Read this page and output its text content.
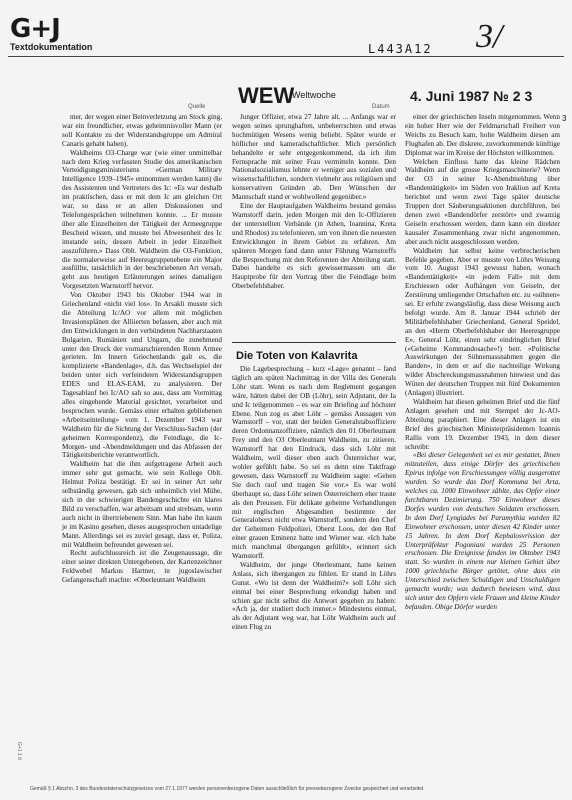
G+J
Textdokumentation	L443A12 3/
WEW
Weltwoche	4. Juni 1987 № 2 3
Quelle	Datum
3

mer, der wegen einer Beinverletzung am Stock ging, war ein freundlicher, etwas geheimnisvoller Mann (er soll Kontakte zu der Widerstandsgruppe um Admiral Canaris gehabt haben).

Waldheims O3-Charge war (wie einer unmittelbar nach dem Krieg verfassten Studie des amerikanischen Verteidigungsministeriums «German Military Intelligence 1939–1945» entnommen werden kann) die des Assistenten und Vertreters des Ic: «Es war deshalb im praktischen, dass er mit dem Ic am gleichen Ort war, so dass er an allen Diskussionen und Telefongesprächen teilnehmen konnte. ... Er musste über alle Einzelheiten der Tätigkeit der Armeegruppe Bescheid wissen, und musste bei Abwesenheit des Ic imstande sein, dessen Arbeit in jeder Einzelheit auszuführen.» Dass Oblt. Waldheim die O3-Funktion, die normalerweise auf Heeresgruppenebene ein Major ausfüllte, tatsächlich in der beschriebenen Art versah, geht aus heutigen Erläuterungen seines damaligen Vorgesetzten Warnstorff hervor.

Von Oktober 1943 bis Oktober 1944 war in Griechenland «nicht viel los». In Arsakli musste sich die Abteilung Ic/AO vor allem mit möglichen Invasionsplänen der Alliierten befassen, aber auch mit den Entwicklungen in den verbündeten Nachbarstaaten Bulgarien, Rumänien und Ungarn, die zunehmend unter den Druck der vormarschierenden Roten Armee gerieten. Im Innern Griechenlands galt es, die komplizierte «Bandenlage», d.h. das Wechselspiel der beiden unter sich verfeindeten Widerstandsgruppen EDES und ELAS-EAM, zu analysieren. Der Tagesablauf bei Ic/AO sah so aus, dass am Vormittag alles eingehende Material gesichtet, verarbeitet und besprochen wurde. Gemäss einer erhalten gebliebenen «Arbeitseinteilung» vom 1. Dezember 1943 war Waldheim für die Sichtung der Verschluss-Sachen (der geheimen Korrespondenz), die Feindlage, die Ic-Morgen- und -Abendmeldungen und das Abfassen der Tätigkeitsberichte verantwortlich.

Waldheim hat die ihm aufgetragene Arbeit auch immer sehr gut gemacht, wie sein Kollege Oblt. Helmut Poliza bestätigt. Er sei in seiner Art sehr selbständig gewesen, gab sich unheimlich viel Mühe, sich in der schwierigen Bandengeschichte ein klares Bild zu verschaffen, war arbeitsam und strebsam, wenn auch nicht in übertriebenem Sinn. Man habe ihn kaum je im Kasino gesehen, dieses ausgesprochen untadelige Mann. Allerdings sei es zuviel gesagt, dass er, Poliza, mit Waldheim befreundet gewesen sei.

Recht aufschlussreich ist die Zeugenaussage, die einer seiner direkten Untergebenen, der Kartenzeichner Feldwebel Markus Hartner, in jugoslawischer Gefangenschaft machte: «Oberleutnant Waldheim

Junger Offizier, etwa 27 Jahre alt. ... Anfangs war er wegen seines sprunghaften, unbeherrschten und etwas hochmütigen Wesens wenig beliebt. Später wurde er höflicher und kameradschaftlicher. Mich persönlich behandelte er sehr entgegenkommend, da ich ihm Fernsprache mit seiner Frau vermitteln konnte. Den Nationalsozialismus lehnte er weniger aus sozialen und wissenschaftlichen, sondern vielmehr aus religiösen und konservativen Gründen ab. Den Wünschen der Mannschaft stand er wohlwollend gegenüber.»

Eine der Hauptaufgaben Waldheims bestand gemäss Warnstorff darin, jeden Morgen mit den Ic-Offizieren der unterstellten Verbände (in Athen, Ioannina, Kreta und Rhodos) zu telefonieren, um von ihnen die neuesten Entwicklungen in ihrem Gebiet zu erfahren. Am späteren Morgen fand dann unter Führung Warnstorffs die Besprechung mit den Referenten der Abteilung statt. Dabei handelte es sich gewissermassen um die Hauptprobe für den Vortrag über die Feindlage beim Oberbefehlshaber.

Die Toten von Kalavrita

Die Lagebesprechung – kurz «Lage» genannt – fand täglich am späten Nachmittag in der Villa des Generals Löhr statt. Wenn es nach dem Reglement gegangen wäre, hätten dabei der OB (Löhr), sein Adjutant, der Ia und Ic teilgenommen – es war ein Briefing auf höchster Ebene. Nun zog es aber Löhr – gemäss Aussagen von Warnstorff – vor, statt der beiden Generalstabsoffiziere deren Ordonnanzoffiziere, nämlich den 01 Oberleutnant Frey und den O3 Oberleutnant Waldheim, zu zitieren. Warnstorff hat den Eindruck, dass sich Löhr mit Waldheim, weil dieser eben auch Österreicher war, wohler gefühlt habe. So sei es denn eine Taktfrage gewesen, dass Warnstorff zu Waldheim sagte: «Gehen Sie doch rauf und tragen Sie vor.» Es war wohl überhaupt so, dass Löhr seinen Österreichern eher traute als den Preussen. Für delikate geheime Verhandlungen mit englischen Abgesandten bestimmte der Generaloberst nicht etwa Warnstorff, sondern den Chef der Geheimen Feldpolizei, Oberst Loos, der den Ruf einer grauen Eminenz hatte und Wiener war. «Ich habe mich manchmal übergangen gefühlt», erinnert sich Warnstorff.

Waldheim, der junge Oberleutnant, hatte keinen Anlass, sich übergangen zu fühlen. Er stand in Löhrs Gunst. «Wo ist denn der Waldheim?» soll Löhr sich einmal bei einer Besprechung erkundigt haben und schien gar nicht selbst die Antwort gegeben zu haben: «Ach ja, der studiert doch immer.» Mindestens einmal, als der Adjutant weg war, hat Löhr Waldheim auch auf einen Flug zu

einer der griechischen Inseln mitgenommen. Wenn ein hoher Herr wie der Feldmarschall Freiherr von Weichs zu Besuch kam, holte Waldheim diesen am Flughafen ab. Der diskrete, zuvorkommende künftige Diplomat war im Kreise der Höchsten willkommen.

Welchen Einfluss hatte das kleine Rädchen Waldheim auf die grosse Kriegsmaschinerie? Wenn der O3 in seiner Ic-Abendmeldung über «Bandentätigkeit» im Süden von Iraklion auf Kreta berichtet und wenn zwei Tage später deutsche Truppen dort Säuberungsaktionen durchführen, bei denen zwei «Bandendörfer zerstört» und zwanzig Geiseln erschossen werden, dann kann ein direkter kausaler Zusammenhang zwar nicht angenommen, aber auch nicht ausgeschlossen werden.

Waldheim hat selbst keine verbrecherischen Befehle gegeben. Aber er musste von Löhrs Weisung vom 10. August 1943 gewusst haben, wonach «Bandentätigkeit» «in jedem Fall» mit dem Erschiessen oder Aufhängen von Geiseln, der Zerstörung umliegender Ortschaften etc. zu «sühnen» sei. Er erfuhr zwangsläufig, dass diese Weisung auch befolgt wurde. Am 8. Januar 1944 schrieb der Militärbefehlshaber Griechenland, General Speidel, an den «Herrn Oberbefehlshaber der Heeresgruppe E», General Löhr, einen sehr eindringlichen Brief («Geheime Kommandosache»!) betr. «Politische Auswirkungen der Sühnemassnahmen gegen die Banden», in dem er auf die nachteilige Wirkung wilder Abschreckungsmassnahmen hinwiest und das Wüten der deutschen Truppen mit fünf Dokumenten (Anlagen) illustriert.

Waldheim hat diesen geheimen Brief und die fünf Anlagen gesehen und mit Stempel der Ic-AO-Abteilung paraphiert. Eine dieser Anlagen ist ein Brief des griechischen Ministerpräsidenten Ioannis Rallis vom 19. Dezember 1943, in dem dieser schreibt:

«Bei dieser Gelegenheit sei es mir gestattet, Ihnen mitzuteilen, dass einige Dörfer des griechischen Epirus infolge von Erschiessungen völlig ausgerottet wurden. So wurde das Dorf Kommuna bei Arta, welches ca. 1000 Einwohner zählte, das Opfer einer furchtbaren Dezimierung. 750 Einwohner dieses Dorfes wurden von deutschen Soldaten erschossen. In dem Dorf Lyngiades bei Paramythia wurden 82 Einwohner erschossen, unter diesen 42 Kinder unter 15 Jahren. In dem Dorf Kephalosvrission der Unterpräfektur Pogoniani wurden 25 Personen erschossen. Die Ereignisse fanden im Oktober 1943 statt. So wurden in einem nur kleinen Gebiet über 1000 griechische Bürger getötet, ohne dass ein Unterschied zwischen Schuldigen und Unschuldigen gemacht wurde; was dadurch bewiesen wird, dass sich unter den Opfern viele Frauen und kleine Kinder befanden. Obige Dörfer wurden

Gemäß § 1 Abschn. 3 des Bundesdatenschutzgesetzes vom 27.1.1977 werden personenbezogene Daten ausschließlich für pressebezogene Zwecke gespeichert und verarbeitet.
G+J 1 d
